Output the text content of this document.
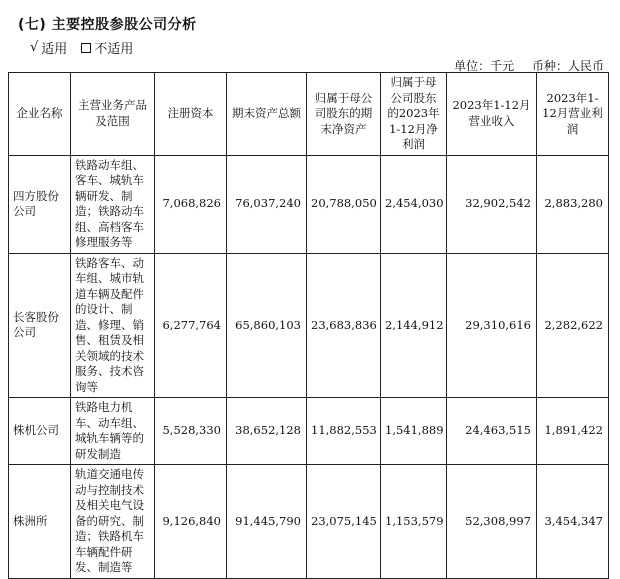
(七) 主要控股参股公司分析
√ 适用 不适用
单位：千元 币种：人民币
企业名称	主营业务产品及范围	注册资本	期末资产总额	归属于母公司股东的期末净资产	归属于母公司股东的2023年1-12月净利润	2023年1-12月营业收入	2023年1-12月营业利润
四方股份公司	铁路动车组、客车、城轨车辆研发、制造；铁路动车组、高档客车修理服务等	7,068,826	76,037,240	20,788,050	2,454,030	32,902,542	2,883,280
长客股份公司	铁路客车、动车组、城市轨道车辆及配件的设计、制造、修理、销售、租赁及相关领域的技术服务、技术咨询等	6,277,764	65,860,103	23,683,836	2,144,912	29,310,616	2,282,622
株机公司	铁路电力机车、动车组、城轨车辆等的研发制造	5,528,330	38,652,128	11,882,553	1,541,889	24,463,515	1,891,422
株洲所	轨道交通电传动与控制技术及相关电气设备的研究、制造；铁路机车车辆配件研发、制造等	9,126,840	91,445,790	23,075,145	1,153,579	52,308,997	3,454,347
